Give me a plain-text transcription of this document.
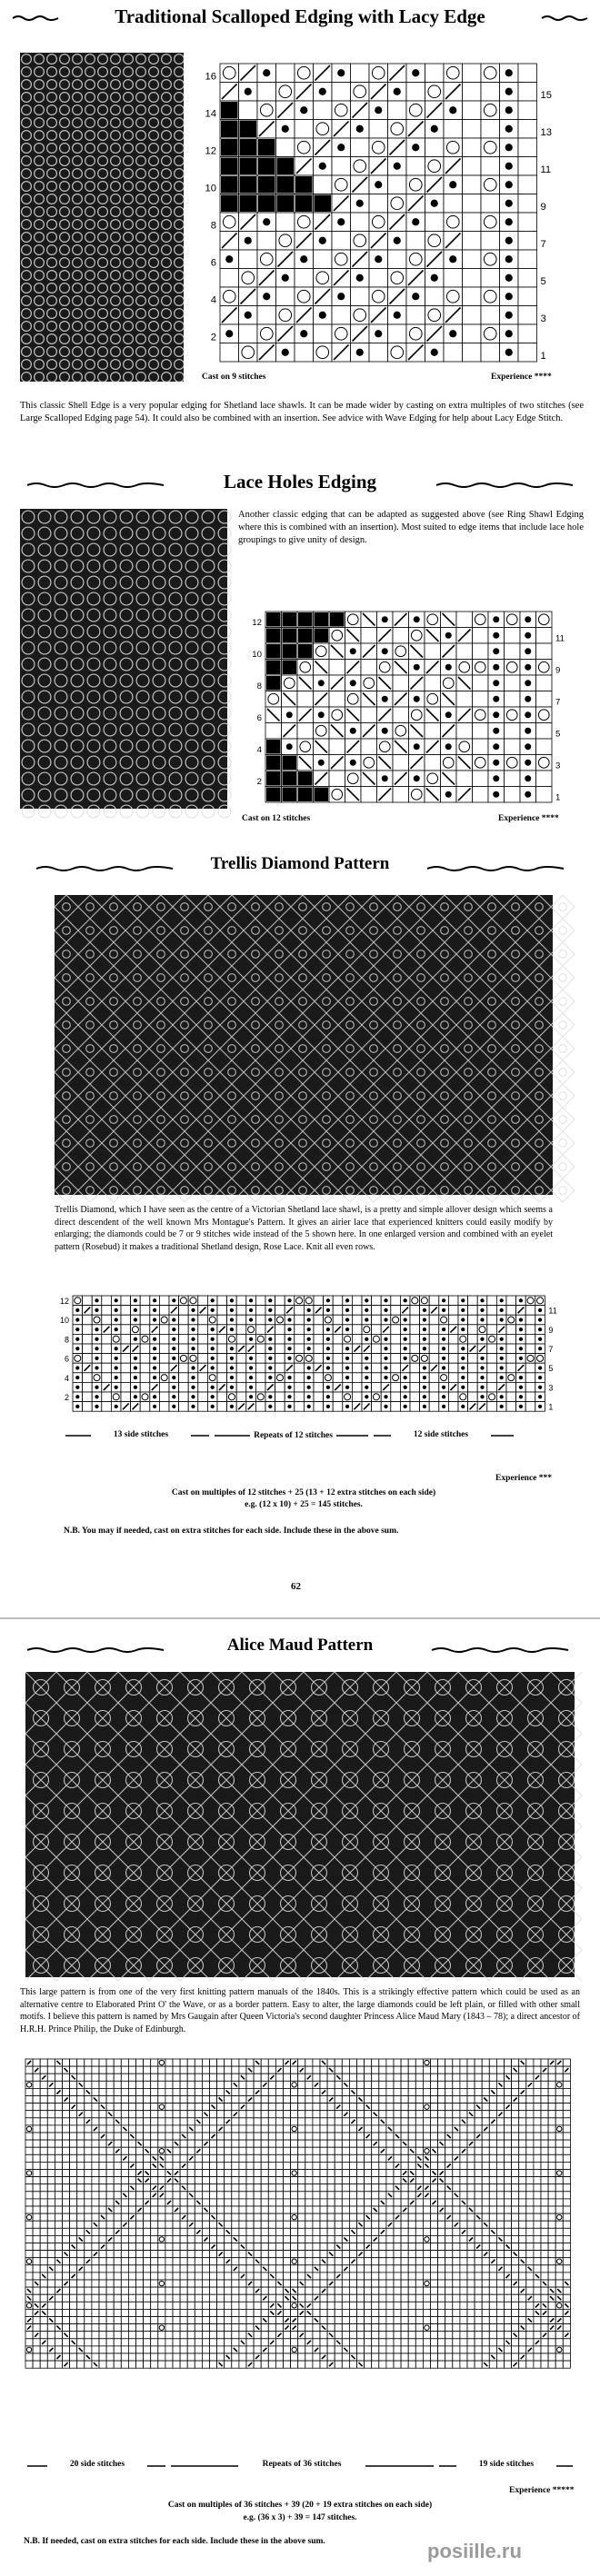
Traditional Scalloped Edging with Lacy Edge
16
14
12
10
8
6
4
2
15
13
11
9
7
5
3
1
Cast on 9 stitches	Experience ****
This classic Shell Edge is a very popular edging for Shetland lace shawls. It can be made wider by casting on extra multiples of two stitches (see Large Scalloped Edging page 54). It could also be combined with an insertion. See advice with Wave Edging for help about Lacy Edge Stitch.
Lace Holes Edging
Another classic edging that can be adapted as suggested above (see Ring Shawl Edging where this is combined with an insertion). Most suited to edge items that include lace hole groupings to give unity of design.
12
10
8
6
4
2
11
9
7
5
3
1
Cast on 12 stitches	Experience ****
Trellis Diamond Pattern
Trellis Diamond, which I have seen as the centre of a Victorian Shetland lace shawl, is a pretty and simple allover design which seems a direct descendent of the well known Mrs Montague's Pattern. It gives an airier lace that experienced knitters could easily modify by enlarging; the diamonds could be 7 or 9 stitches wide instead of the 5 shown here. In one enlarged version and combined with an eyelet pattern (Rosebud) it makes a traditional Shetland design, Rose Lace. Knit all even rows.
12
10
8
6
4
2
11
9
7
5
3
1
13 side stitches	Repeats of 12 stitches	12 side stitches
Experience ***
Cast on multiples of 12 stitches + 25 (13 + 12 extra stitches on each side)
e.g. (12 x 10) + 25 = 145 stitches.
N.B. You may if needed, cast on extra stitches for each side. Include these in the above sum.
62
Alice Maud Pattern
This large pattern is from one of the very first knitting pattern manuals of the 1840s. This is a strikingly effective pattern which could be used as an alternative centre to Elaborated Print O' the Wave, or as a border pattern. Easy to alter, the large diamonds could be left plain, or filled with other small motifs. I believe this pattern is named by Mrs Gaugain after Queen Victoria's second daughter Princess Alice Maud Mary (1843 – 78); a direct ancestor of H.R.H. Prince Philip, the Duke of Edinburgh.
20 side stitches	Repeats of 36 stitches	19 side stitches
Experience *****
Cast on multiples of 36 stitches + 39 (20 + 19 extra stitches on each side)
e.g. (36 x 3) + 39 = 147 stitches.
N.B. If needed, cast on extra stitches for each side. Include these in the above sum.	posiille.ru
